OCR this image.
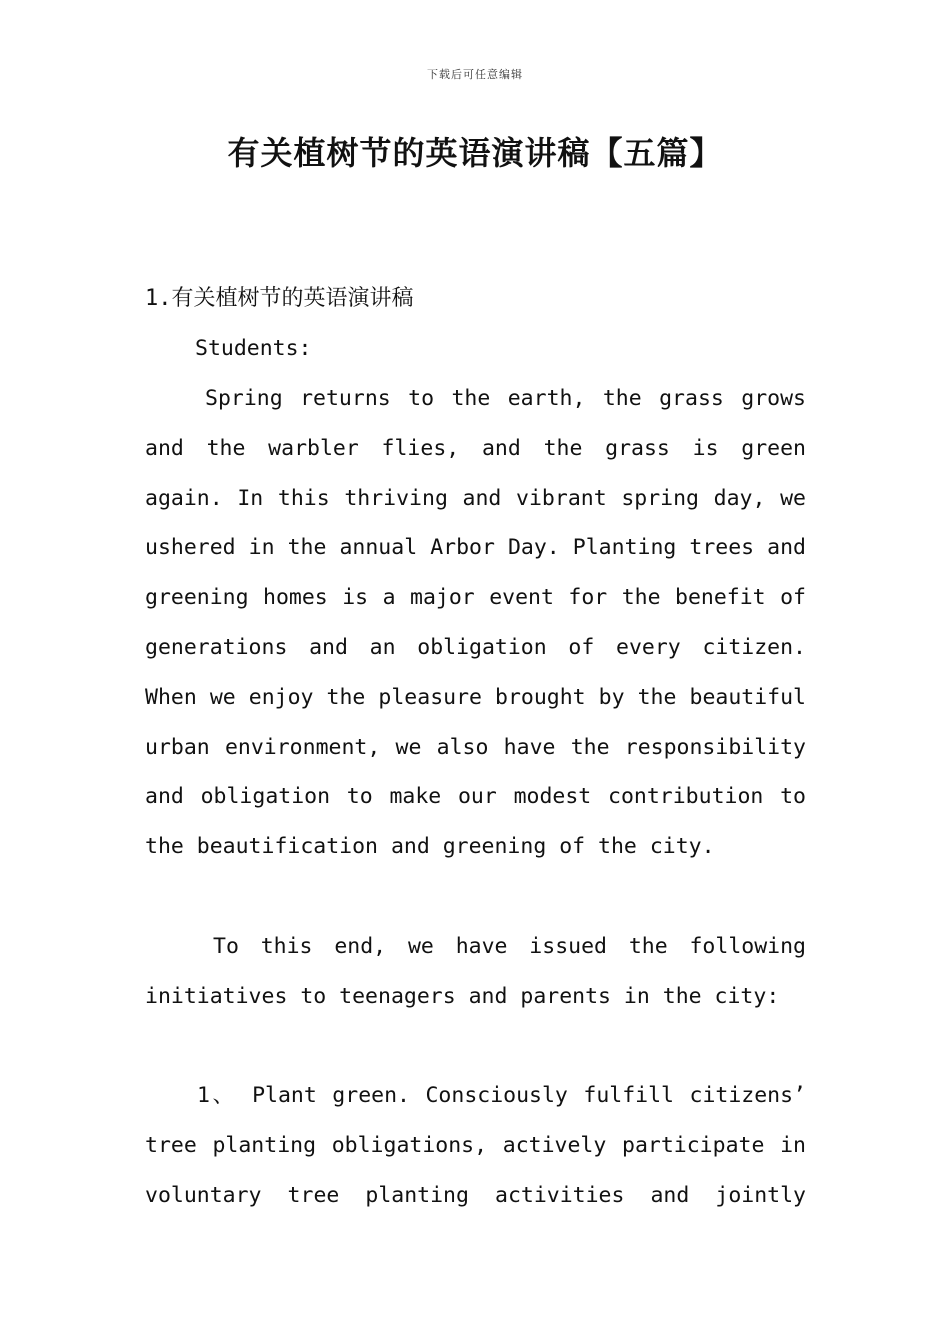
下载后可任意编辑
有关植树节的英语演讲稿【五篇】
1.有关植树节的英语演讲稿
Students:

Spring returns to the earth, the grass grows and the warbler flies, and the grass is green again. In this thriving and vibrant spring day, we ushered in the annual Arbor Day. Planting trees and greening homes is a major event for the benefit of generations and an obligation of every citizen. When we enjoy the pleasure brought by the beautiful urban environment, we also have the responsibility and obligation to make our modest contribution to the beautification and greening of the city.

To this end, we have issued the following initiatives to teenagers and parents in the city:

1、 Plant green. Consciously fulfill citizens’ tree planting obligations, actively participate in voluntary tree planting activities and jointly
